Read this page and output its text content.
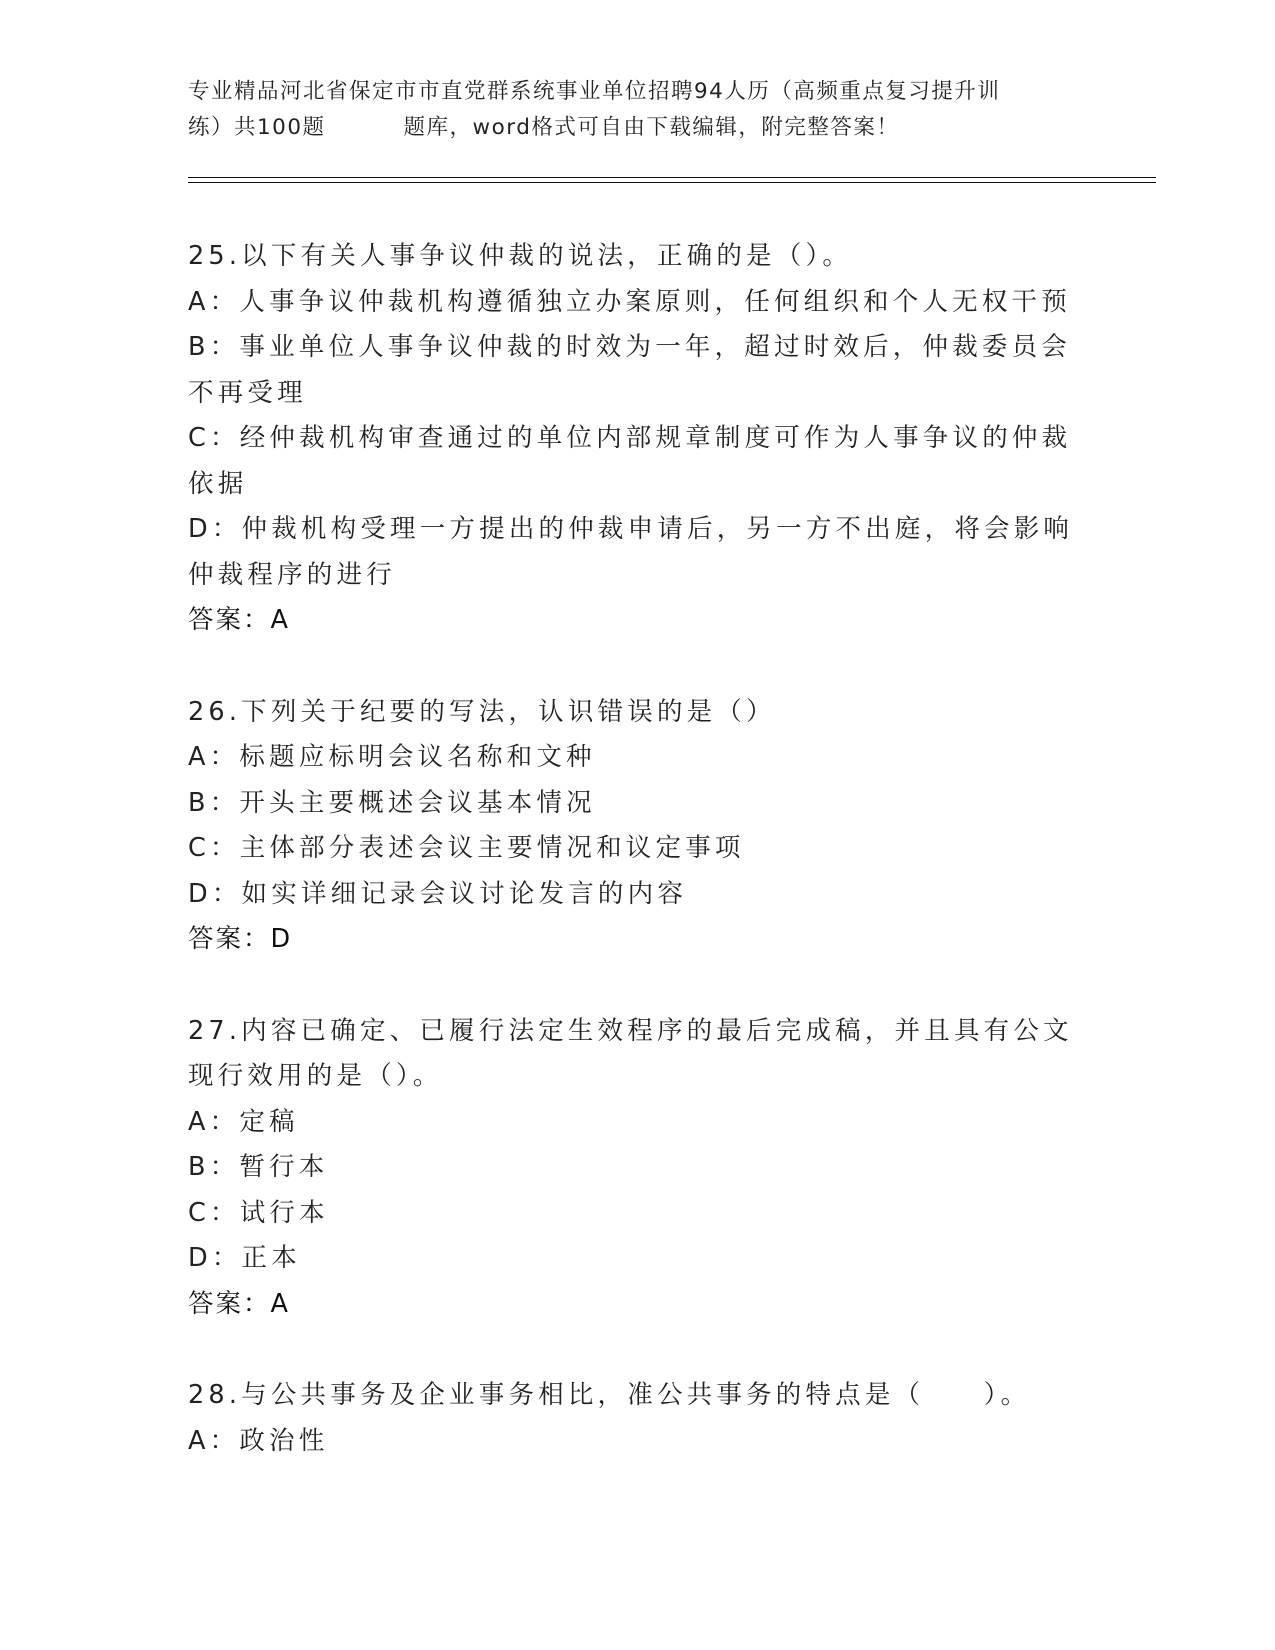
专业精品河北省保定市市直党群系统事业单位招聘94人历（高频重点复习提升训
练）共100题	题库，word格式可自由下载编辑，附完整答案！
25.以下有关人事争议仲裁的说法，正确的是（）。
A：人事争议仲裁机构遵循独立办案原则，任何组织和个人无权干预
B：事业单位人事争议仲裁的时效为一年，超过时效后，仲裁委员会不再受理
C：经仲裁机构审查通过的单位内部规章制度可作为人事争议的仲裁依据
D：仲裁机构受理一方提出的仲裁申请后，另一方不出庭，将会影响仲裁程序的进行
答案：A
26.下列关于纪要的写法，认识错误的是（）
A：标题应标明会议名称和文种
B：开头主要概述会议基本情况
C：主体部分表述会议主要情况和议定事项
D：如实详细记录会议讨论发言的内容
答案：D
27.内容已确定、已履行法定生效程序的最后完成稿，并且具有公文现行效用的是（）。
A：定稿
B：暂行本
C：试行本
D：正本
答案：A
28.与公共事务及企业事务相比，准公共事务的特点是（　　）。
A：政治性
